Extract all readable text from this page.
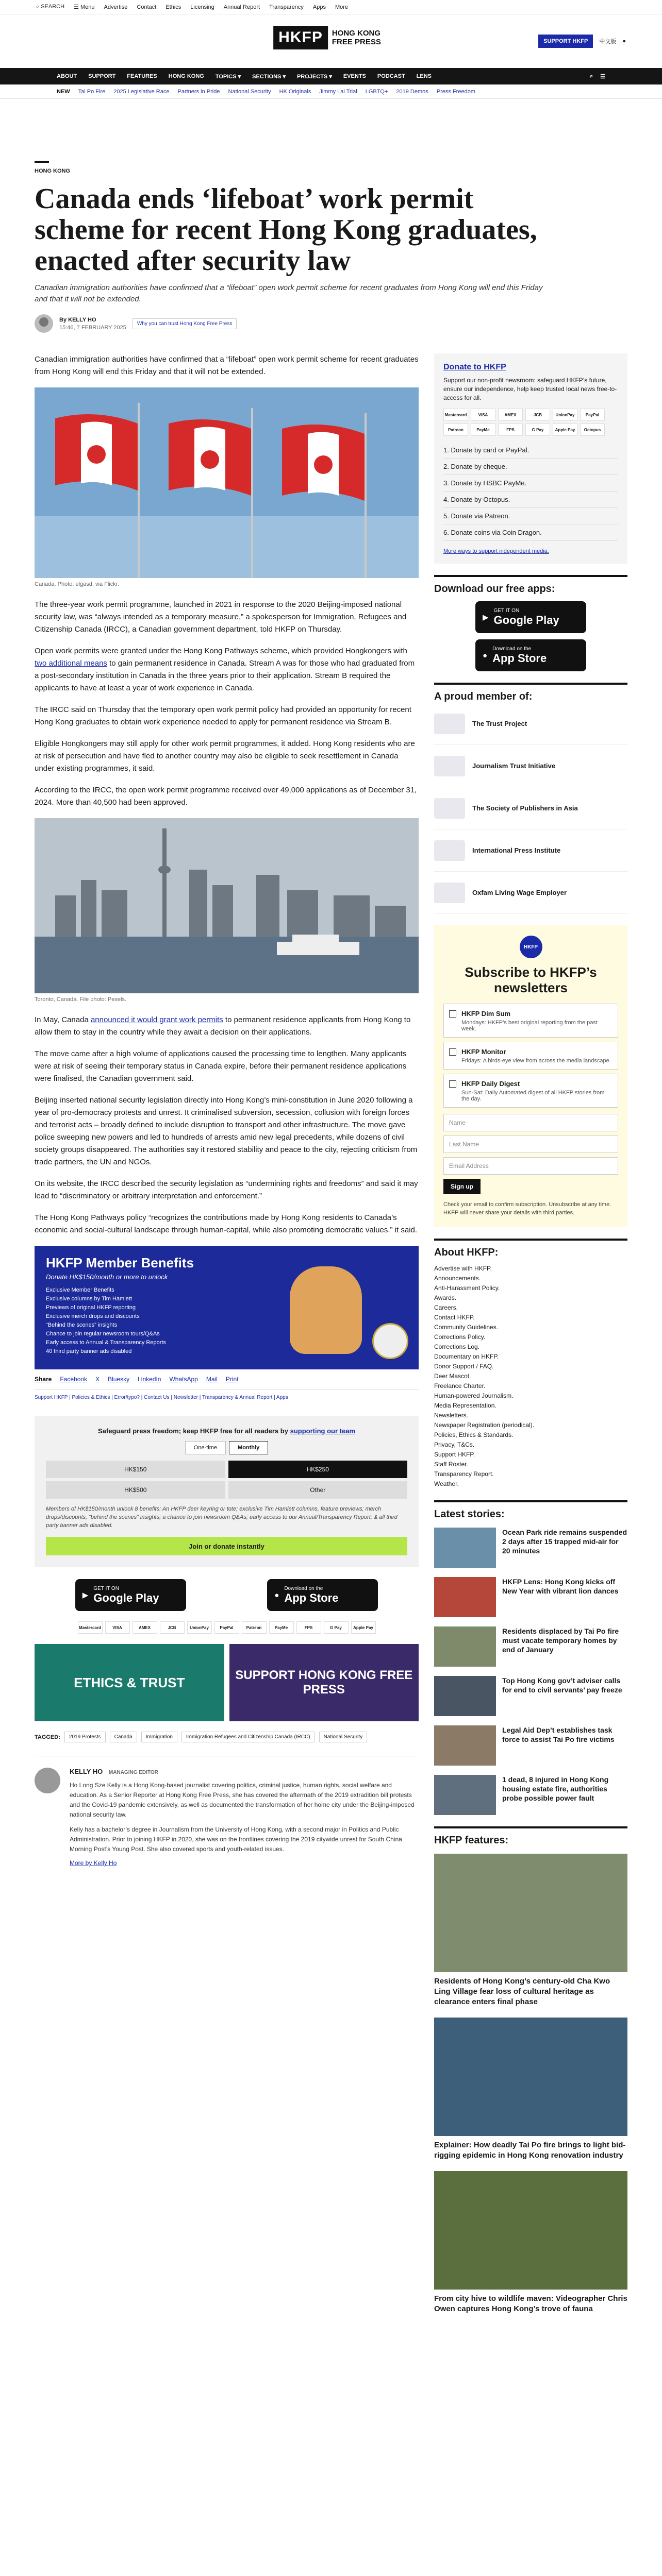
⌕ SEARCH ☰ Menu Advertise Contact Ethics Licensing Annual Report Transparency Apps More
HKFP	HONG KONG FREE PRESS	SUPPORT HKFP	中文版 ●
ABOUT SUPPORT FEATURES HONG KONG TOPICS ▾ SECTIONS ▾ PROJECTS ▾ EVENTS PODCAST LENS	⌕ ☰
NEW Tai Po Fire 2025 Legislative Race Partners in Pride National Security HK Originals Jimmy Lai Trial LGBTQ+ 2019 Demos Press Freedom
HONG KONG
Canada ends ‘lifeboat’ work permit scheme for recent Hong Kong graduates, enacted after security law
Canadian immigration authorities have confirmed that a “lifeboat” open work permit scheme for recent graduates from Hong Kong will end this Friday and that it will not be extended.
By KELLY HO
15:46, 7 FEBRUARY 2025
Why you can trust Hong Kong Free Press

Canadian immigration authorities have confirmed that a “lifeboat” open work permit scheme for recent graduates from Hong Kong will end this Friday and that it will not be extended.

Canada. Photo: elgasd, via Flickr.

The three-year work permit programme, launched in 2021 in response to the 2020 Beijing-imposed national security law, was “always intended as a temporary measure,” a spokesperson for Immigration, Refugees and Citizenship Canada (IRCC), a Canadian government department, told HKFP on Thursday.

Open work permits were granted under the Hong Kong Pathways scheme, which provided Hongkongers with two additional means to gain permanent residence in Canada. Stream A was for those who had graduated from a post-secondary institution in Canada in the three years prior to their application. Stream B required the applicants to have at least a year of work experience in Canada.

The IRCC said on Thursday that the temporary open work permit policy had provided an opportunity for recent Hong Kong graduates to obtain work experience needed to apply for permanent residence via Stream B.

Eligible Hongkongers may still apply for other work permit programmes, it added. Hong Kong residents who are at risk of persecution and have fled to another country may also be eligible to seek resettlement in Canada under existing programmes, it said.

According to the IRCC, the open work permit programme received over 49,000 applications as of December 31, 2024. More than 40,500 had been approved.

Toronto, Canada. File photo: Pexels.

In May, Canada announced it would grant work permits to permanent residence applicants from Hong Kong to allow them to stay in the country while they await a decision on their applications.

The move came after a high volume of applications caused the processing time to lengthen. Many applicants were at risk of seeing their temporary status in Canada expire, before their permanent residence applications were finalised, the Canadian government said.

Beijing inserted national security legislation directly into Hong Kong’s mini-constitution in June 2020 following a year of pro-democracy protests and unrest. It criminalised subversion, secession, collusion with foreign forces and terrorist acts – broadly defined to include disruption to transport and other infrastructure. The move gave police sweeping new powers and led to hundreds of arrests amid new legal precedents, while dozens of civil society groups disappeared. The authorities say it restored stability and peace to the city, rejecting criticism from trade partners, the UN and NGOs.

On its website, the IRCC described the security legislation as “undermining rights and freedoms” and said it may lead to “discriminatory or arbitrary interpretation and enforcement.”

The Hong Kong Pathways policy “recognizes the contributions made by Hong Kong residents to Canada’s economic and social-cultural landscape through human-capital, while also promoting democratic values.” it said.

HKFP Member Benefits
Donate HK$150/month or more to unlock
Exclusive Member Benefits
Exclusive columns by Tim Hamlett
Previews of original HKFP reporting
Exclusive merch drops and discounts
“Behind the scenes” insights
Chance to join regular newsroom tours/Q&As
Early access to Annual & Transparency Reports
40 third party banner ads disabled
Share Facebook X Bluesky LinkedIn WhatsApp Mail Print
Support HKFP | Policies & Ethics | Error/typo? | Contact Us | Newsletter | Transparency & Annual Report | Apps
Safeguard press freedom; keep HKFP free for all readers by supporting our team
One-time	Monthly
HK$150	HK$250
HK$500	Other
Members of HK$150/month unlock 8 benefits: An HKFP deer keyring or tote; exclusive Tim Hamlett columns, feature previews; merch drops/discounts, “behind the scenes” insights; a chance to join newsroom Q&As; early access to our Annual/Transparency Report; & all third party banner ads disabled.
Join or donate instantly
▶
GET IT ON
Google Play	●
Download on the
App Store
Mastercard	VISA	AMEX	JCB	UnionPay	PayPal	Patreon	PayMe	FPS	G Pay	Apple Pay
ETHICS & TRUST	SUPPORT HONG KONG FREE PRESS
TAGGED:	2019 Protests	Canada	Immigration	Immigration Refugees and Citizenship Canada (IRCC)	National Security
KELLY HO MANAGING EDITOR

Ho Long Sze Kelly is a Hong Kong-based journalist covering politics, criminal justice, human rights, social welfare and education. As a Senior Reporter at Hong Kong Free Press, she has covered the aftermath of the 2019 extradition bill protests and the Covid-19 pandemic extensively, as well as documented the transformation of her home city under the Beijing-imposed national security law.

Kelly has a bachelor’s degree in Journalism from the University of Hong Kong, with a second major in Politics and Public Administration. Prior to joining HKFP in 2020, she was on the frontlines covering the 2019 citywide unrest for South China Morning Post’s Young Post. She also covered sports and youth-related issues.

More by Kelly Ho
Donate to HKFP
Support our non-profit newsroom: safeguard HKFP’s future, ensure our independence, help keep trusted local news free-to-access for all.
Mastercard	VISA	AMEX	JCB	UnionPay	PayPal
Patreon	PayMe	FPS	G Pay	Apple Pay	Octopus
1. Donate by card or PayPal.
2. Donate by cheque.
3. Donate by HSBC PayMe.
4. Donate by Octopus.
5. Donate via Patreon.
6. Donate coins via Coin Dragon.
More ways to support independent media.
Download our free apps:
▶
GET IT ON
Google Play
●
Download on the
App Store
A proud member of:
The Trust Project
Journalism Trust Initiative
The Society of Publishers in Asia
International Press Institute
Oxfam Living Wage Employer
HKFP
Subscribe to HKFP’s newsletters
HKFP Dim Sum
Mondays: HKFP’s best original reporting from the past week.
HKFP Monitor
Fridays: A birds-eye view from across the media landscape.
HKFP Daily Digest
Sun-Sat: Daily Automated digest of all HKFP stories from the day.
Name
Last Name
Email Address
Sign up
Check your email to confirm subscription. Unsubscribe at any time. HKFP will never share your details with third parties.
About HKFP:
Advertise with HKFP.
Announcements.
Anti-Harassment Policy.
Awards.
Careers.
Contact HKFP.
Community Guidelines.
Corrections Policy.
Corrections Log.
Documentary on HKFP.
Donor Support / FAQ.
Deer Mascot.
Freelance Charter.
Human-powered Journalism.
Media Representation.
Newsletters.
Newspaper Registration (periodical).
Policies, Ethics & Standards.
Privacy, T&Cs.
Support HKFP.
Staff Roster.
Transparency Report.
Weather.
Latest stories:
Ocean Park ride remains suspended 2 days after 15 trapped mid-air for 20 minutes
HKFP Lens: Hong Kong kicks off New Year with vibrant lion dances
Residents displaced by Tai Po fire must vacate temporary homes by end of January
Top Hong Kong gov’t adviser calls for end to civil servants’ pay freeze
Legal Aid Dep’t establishes task force to assist Tai Po fire victims
1 dead, 8 injured in Hong Kong housing estate fire, authorities probe possible power fault
HKFP features:
Residents of Hong Kong’s century-old Cha Kwo Ling Village fear loss of cultural heritage as clearance enters final phase
Explainer: How deadly Tai Po fire brings to light bid-rigging epidemic in Hong Kong renovation industry
From city hive to wildlife maven: Videographer Chris Owen captures Hong Kong’s trove of fauna
